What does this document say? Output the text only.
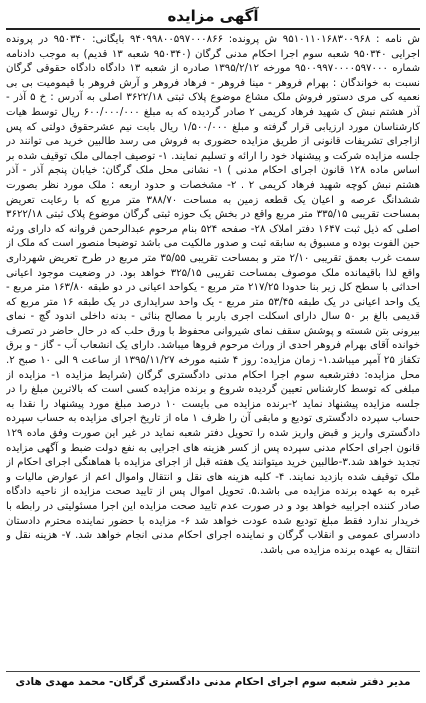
آگهی مزایده

ش نامه : ۹۵۱۰۱۱۰۱۶۸۳۰۰۹۶۸ ش پرونده: ۹۴۰۹۹۸۰۰۵۹۷۰۰۰۸۶۶ بایگانی: ۹۵۰۳۴۰ در پرونده اجرایی ۹۵۰۳۴۰ شعبه سوم اجرا احکام مدنی گرگان (۹۵۰۳۴۰ شعبه ۱۳ قدیم) به موجب دادنامه شماره ۹۵۰۰۹۹۷۰۰۰۰۵۹۷۰۰۰ مورخه ۱۳۹۵/۲/۱۲ صادره از شعبه ۱۳ دادگاه دادگاه حقوقی گرگان نسبت به خواندگان : بهرام فروهر - مینا فروهر - فرهاد فروهر و آرش فروهر با قیمومیت بی بی نعمیه کی مری دستور فروش ملک مشاع موضوع پلاک ثبتی ۳۶۲۲/۱۸ اصلی به آدرس : خ ۵ آذر - آذر هشتم نبش ک شهید فرهاد کریمی ۲ صادر گردیده که به مبلغ ۶۰۰/۰۰۰/۰۰۰ ریال توسط هیات کارشناسان مورد ارزیابی قرار گرفته و مبلغ ۱/۵۰۰/۰۰۰ ریال بابت نیم عشرحقوق دولتی که پس ازاجرای تشریفات قانونی از طریق مزایده حضوری به فروش می رسد طالبین خرید می توانند در جلسه مزایده شرکت و پیشنهاد خود را ارائه و تسلیم نمایند. ۱- توصیف اجمالی ملک توقیف شده بر اساس ماده ۱۲۸ قانون اجرای احکام مدنی ) ۱- نشانی محل ملک گرگان: خیابان پنجم آذر - آذر هشتم نبش کوچه شهید فرهاد کریمی ۲ . ۲- مشخصات و حدود اربعه : ملک مورد نظر بصورت ششدانگ عرصه و اعیان یک قطعه زمین به مساحت ۳۸۸/۷۰ متر مربع که با رعایت تعریض بمساحت تقریبی ۳۳۵/۱۵ متر مربع واقع در بخش یک حوزه ثبتی گرگان موضوع پلاک ثبتی ۳۶۲۲/۱۸ اصلی که ذیل ثبت ۱۶۴۷ دفتر املاک ۲۸- صفحه ۵۲۴ بنام مرحوم عبدالرحمن فروانه که دارای ورثه حین الفوت بوده و مسبوق به سابقه ثبت و صدور مالکیت می باشد توضیحا منصور است که ملک از سمت غرب بعمق تقریبی ۲/۱۰ متر و بمساحت تقریبی ۳۵/۵۵ متر مربع در طرح تعریض شهرداری واقع لذا باقیمانده ملک موصوف بمساحت تقریبی ۳۲۵/۱۵ خواهد بود. در وضعیت موجود اعیانی احداثی با سطح کل زیر بنا حدودا ۲۱۷/۲۵ متر مربع - یکواحد اعیانی در دو طبقه ۱۶۳/۸۰ متر مربع - یک واحد اعیانی در یک طبقه ۵۳/۴۵ متر مربع - یک واحد سرایداری در یک طبقه ۱۶ متر مربع که قدیمی بالغ بر ۵۰ سال دارای اسکلت اجری باربر با مصالح بنائی - بدنه داخلی اندود گچ - نمای بیرونی بتن شسته و پوشش سقف نمای شیروانی محفوظ با ورق حلب که در حال حاضر در تصرف خوانده آقای بهرام فروهر احدی از وراث مرحوم فروها میباشد. دارای یک انشعاب آب - گاز - و برق تکفاز ۲۵ آمپر میباشد.۱- زمان مزایده: روز ۴ شنبه مورخه ۱۳۹۵/۱۱/۲۷ از ساعت ۹ الی ۱۰ صبح ۲. محل مزایده: دفترشعبه سوم اجرا احکام مدنی دادگستری گرگان (شرایط مزایده ۱- مزایده از مبلغی که توسط کارشناس تعیین گردیده شروع و برنده مزایده کسی است که بالاترین مبلغ را در جلسه مزایده پیشنهاد نماید ۲-برنده مزایده می بایست ۱۰ درصد مبلغ مورد پیشنهاد را نقدا به حساب سپرده دادگستری تودیع و مابقی آن را ظرف ۱ ماه از تاریخ اجرای مزایده به حساب سپرده دادگستری واریز و قبض واریز شده را تحویل دفتر شعبه نماید در غیر این صورت وفق ماده ۱۲۹ قانون اجرای احکام مدنی سپرده پس از کسر هزینه های اجرایی به نفع دولت ضبط و آگهی مزایده تجدید خواهد شد.۳-طالبین خرید میتوانند یک هفته قبل از اجرای مزایده با هماهنگی اجرای احکام از ملک توقیف شده بازدید نمایند. ۴- کلیه هزینه های نقل و انتقال واموال اعم از عوارض مالیات و غیره به عهده برنده مزایده می باشد.۵. تحویل اموال پس از تایید صحت مزایده از ناحیه دادگاه صادر کننده اجراییه خواهد بود و در صورت عدم تایید صحت مزایده این اجرا مسئولیتی در رابطه با خریدار ندارد فقط مبلغ تودیع شده عودت خواهد شد ۶- مزایده با حضور نماینده محترم دادستان دادسرای عمومی و انقلاب گرگان و نماینده اجرای احکام مدنی انجام خواهد شد. ۷- هزینه نقل و انتقال به عهده برنده مزایده می باشد.

مدیر دفتر شعبه سوم اجرای احکام مدنی دادگستری گرگان- محمد مهدی هادی
